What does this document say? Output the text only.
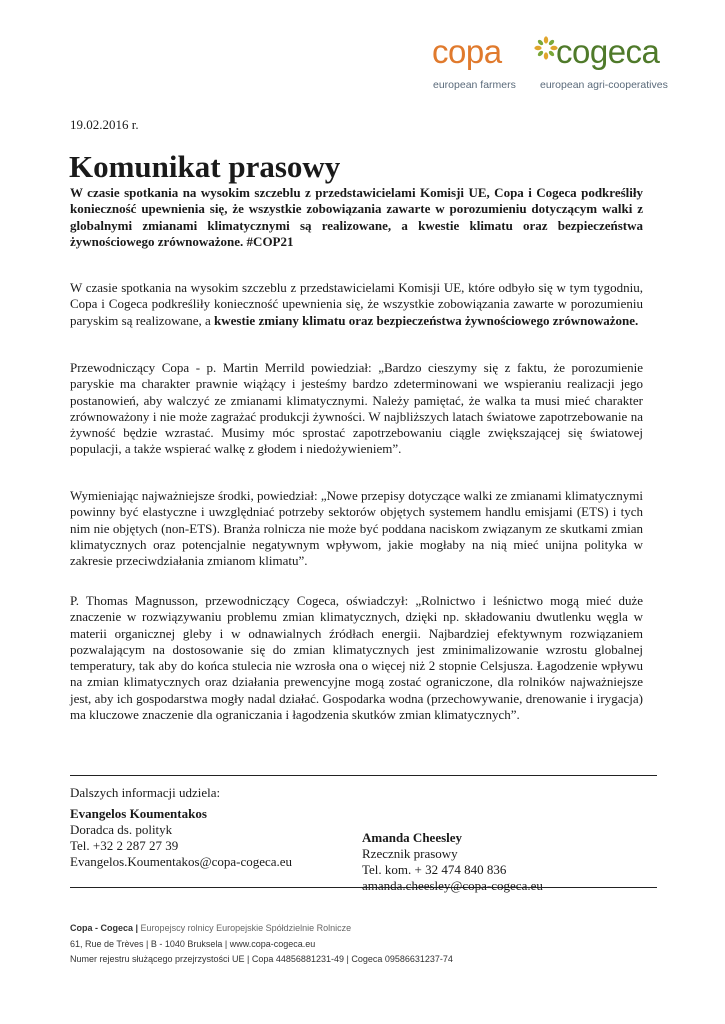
copa cogeca
european farmers european agri-cooperatives
19.02.2016 r.
Komunikat prasowy

W czasie spotkania na wysokim szczeblu z przedstawicielami Komisji UE, Copa i Cogeca podkreśliły konieczność upewnienia się, że wszystkie zobowiązania zawarte w porozumieniu dotyczącym walki z globalnymi zmianami klimatycznymi są realizowane, a kwestie klimatu oraz bezpieczeństwa żywnościowego zrównoważone. #COP21

W czasie spotkania na wysokim szczeblu z przedstawicielami Komisji UE, które odbyło się w tym tygodniu, Copa i Cogeca podkreśliły konieczność upewnienia się, że wszystkie zobowiązania zawarte w porozumieniu paryskim są realizowane, a kwestie zmiany klimatu oraz bezpieczeństwa żywnościowego zrównoważone.

Przewodniczący Copa - p. Martin Merrild powiedział: „Bardzo cieszymy się z faktu, że porozumienie paryskie ma charakter prawnie wiążący i jesteśmy bardzo zdeterminowani we wspieraniu realizacji jego postanowień, aby walczyć ze zmianami klimatycznymi. Należy pamiętać, że walka ta musi mieć charakter zrównoważony i nie może zagrażać produkcji żywności. W najbliższych latach światowe zapotrzebowanie na żywność będzie wzrastać. Musimy móc sprostać zapotrzebowaniu ciągle zwiększającej się światowej populacji, a także wspierać walkę z głodem i niedożywieniem”.

Wymieniając najważniejsze środki, powiedział: „Nowe przepisy dotyczące walki ze zmianami klimatycznymi powinny być elastyczne i uwzględniać potrzeby sektorów objętych systemem handlu emisjami (ETS) i tych nim nie objętych (non-ETS). Branża rolnicza nie może być poddana naciskom związanym ze skutkami zmian klimatycznych oraz potencjalnie negatywnym wpływom, jakie mogłaby na nią mieć unijna polityka w zakresie przeciwdziałania zmianom klimatu”.

P. Thomas Magnusson, przewodniczący Cogeca, oświadczył: „Rolnictwo i leśnictwo mogą mieć duże znaczenie w rozwiązywaniu problemu zmian klimatycznych, dzięki np. składowaniu dwutlenku węgla w materii organicznej gleby i w odnawialnych źródłach energii. Najbardziej efektywnym rozwiązaniem pozwalającym na dostosowanie się do zmian klimatycznych jest zminimalizowanie wzrostu globalnej temperatury, tak aby do końca stulecia nie wzrosła ona o więcej niż 2 stopnie Celsjusza. Łagodzenie wpływu na zmian klimatycznych oraz działania prewencyjne mogą zostać ograniczone, dla rolników najważniejsze jest, aby ich gospodarstwa mogły nadal działać. Gospodarka wodna (przechowywanie, drenowanie i irygacja) ma kluczowe znaczenie dla ograniczania i łagodzenia skutków zmian klimatycznych”.

Dalszych informacji udziela:
Evangelos Koumentakos
Doradca ds. polityk
Tel. +32 2 287 27 39
Evangelos.Koumentakos@copa-cogeca.eu
Amanda Cheesley
Rzecznik prasowy
Tel. kom. + 32 474 840 836
amanda.cheesley@copa-cogeca.eu
Copa - Cogeca | Europejscy rolnicy Europejskie Spółdzielnie Rolnicze
61, Rue de Trèves | B - 1040 Bruksela | www.copa-cogeca.eu
Numer rejestru służącego przejrzystości UE | Copa 44856881231-49 | Cogeca 09586631237-74
